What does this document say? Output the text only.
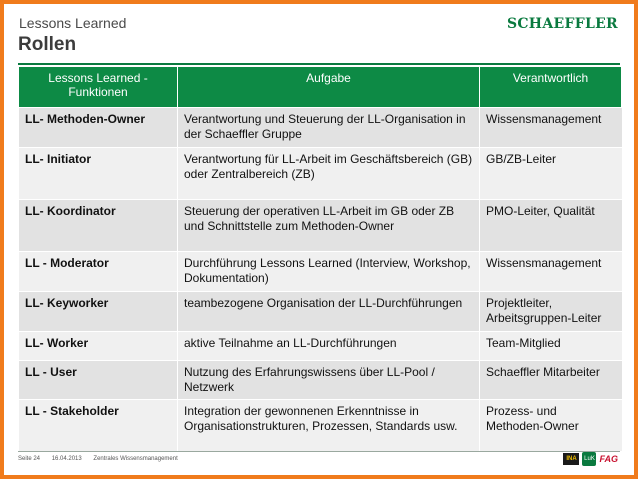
Lessons Learned
Rollen
SCHAEFFLER
Lessons Learned - Funktionen	Aufgabe	Verantwortlich
LL- Methoden-Owner	Verantwortung und Steuerung der LL-Organisation in der Schaeffler Gruppe	Wissensmanagement
LL- Initiator	Verantwortung für LL-Arbeit im Geschäftsbereich (GB) oder Zentralbereich (ZB)	GB/ZB-Leiter
LL- Koordinator	Steuerung der operativen LL-Arbeit im GB oder ZB und Schnittstelle zum Methoden-Owner	PMO-Leiter, Qualität
LL - Moderator	Durchführung Lessons Learned (Interview, Workshop, Dokumentation)	Wissensmanagement
LL- Keyworker	teambezogene Organisation der LL-Durchführungen	Projektleiter, Arbeitsgruppen-Leiter
LL- Worker	aktive Teilnahme an LL-Durchführungen	Team-Mitglied
LL - User	Nutzung des Erfahrungswissens über LL-Pool / Netzwerk	Schaeffler Mitarbeiter
LL - Stakeholder	Integration der gewonnenen Erkenntnisse in Organisationstrukturen, Prozessen, Standards usw.	Prozess- und Methoden-Owner
Seite 24 16.04.2013 Zentrales Wissensmanagement	INA	LuK FAG
